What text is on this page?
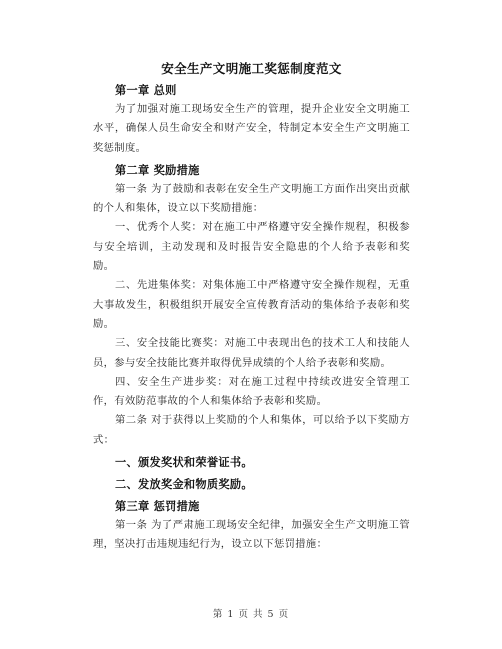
安全生产文明施工奖惩制度范文
第一章 总则

为了加强对施工现场安全生产的管理，提升企业安全文明施工水平，确保人员生命安全和财产安全，特制定本安全生产文明施工奖惩制度。

第二章 奖励措施

第一条 为了鼓励和表彰在安全生产文明施工方面作出突出贡献的个人和集体，设立以下奖励措施：

一、优秀个人奖：对在施工中严格遵守安全操作规程，积极参与安全培训，主动发现和及时报告安全隐患的个人给予表彰和奖励。

二、先进集体奖：对集体施工中严格遵守安全操作规程，无重大事故发生，积极组织开展安全宣传教育活动的集体给予表彰和奖励。

三、安全技能比赛奖：对施工中表现出色的技术工人和技能人员，参与安全技能比赛并取得优异成绩的个人给予表彰和奖励。

四、安全生产进步奖：对在施工过程中持续改进安全管理工作，有效防范事故的个人和集体给予表彰和奖励。

第二条 对于获得以上奖励的个人和集体，可以给予以下奖励方式：

一、颁发奖状和荣誉证书。
二、发放奖金和物质奖励。
第三章 惩罚措施

第一条 为了严肃施工现场安全纪律，加强安全生产文明施工管理，坚决打击违规违纪行为，设立以下惩罚措施：

第 1 页 共 5 页
